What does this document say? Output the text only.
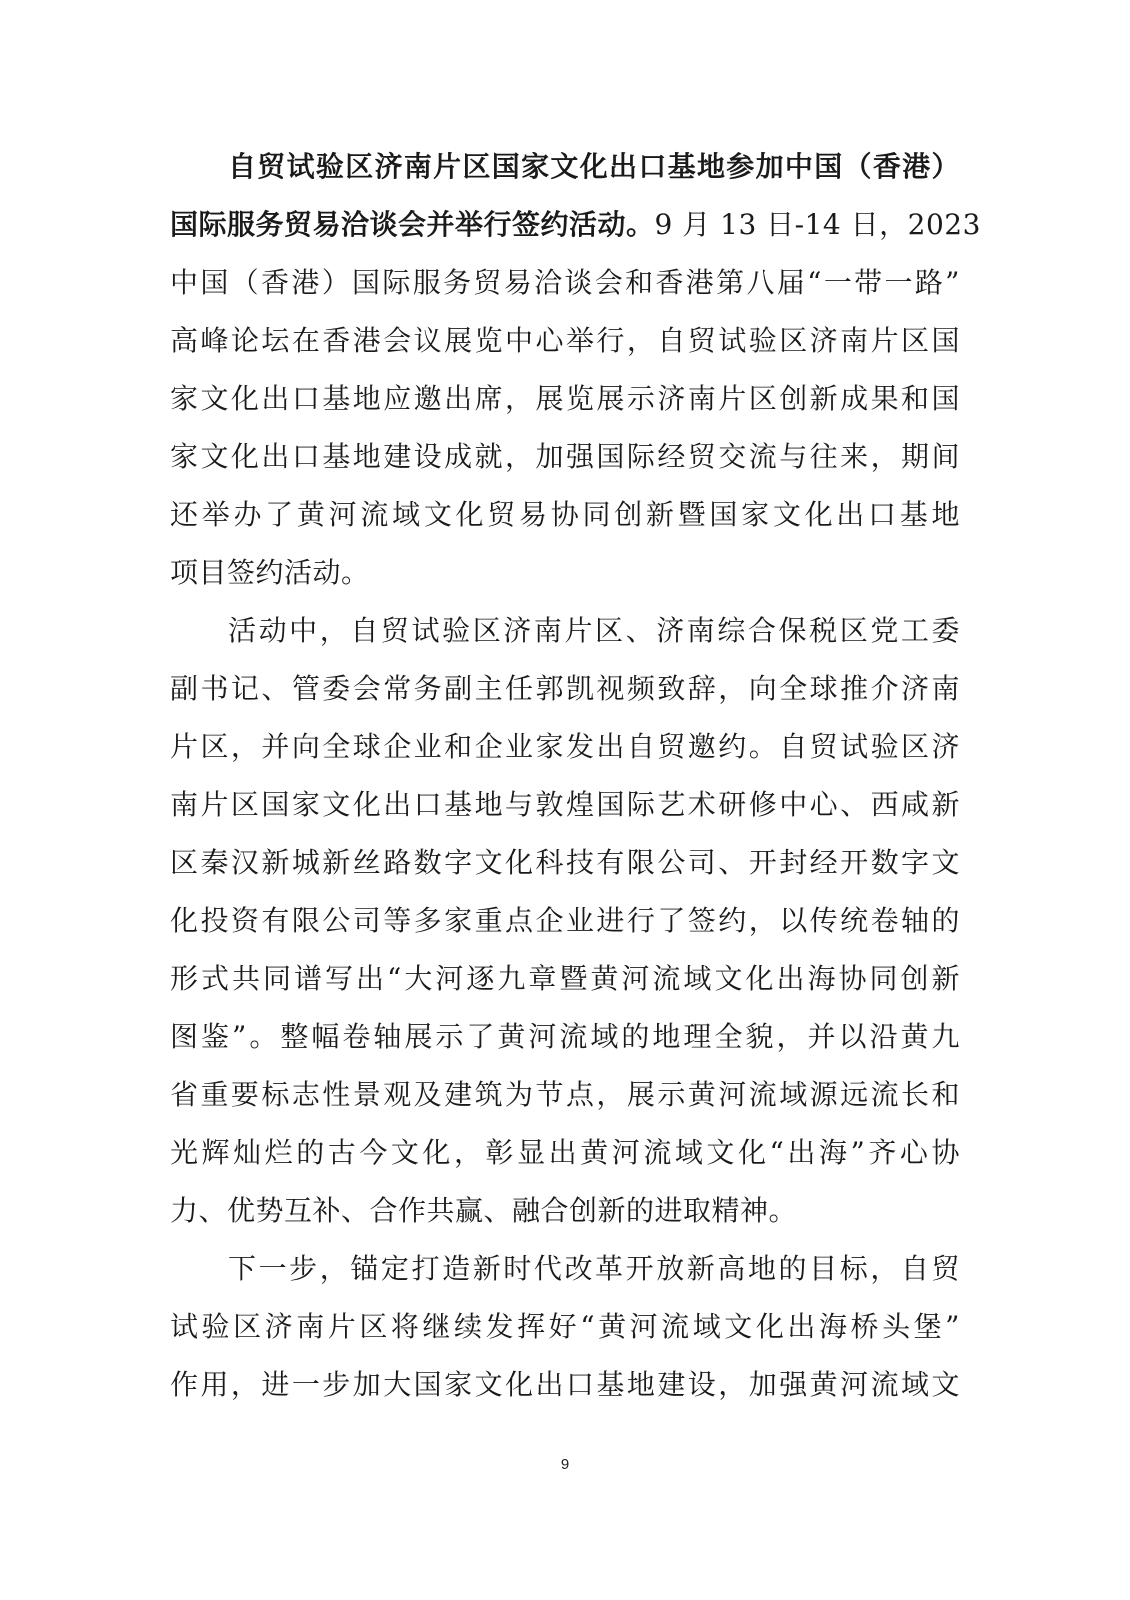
自贸试验区济南片区国家文化出口基地参加中国（香港）
国际服务贸易洽谈会并举行签约活动。9 月 13 日-14 日，2023
中国（香港）国际服务贸易洽谈会和香港第八届“一带一路”
高峰论坛在香港会议展览中心举行，自贸试验区济南片区国
家文化出口基地应邀出席，展览展示济南片区创新成果和国
家文化出口基地建设成就，加强国际经贸交流与往来，期间
还举办了黄河流域文化贸易协同创新暨国家文化出口基地
项目签约活动。
活动中，自贸试验区济南片区、济南综合保税区党工委
副书记、管委会常务副主任郭凯视频致辞，向全球推介济南
片区，并向全球企业和企业家发出自贸邀约。自贸试验区济
南片区国家文化出口基地与敦煌国际艺术研修中心、西咸新
区秦汉新城新丝路数字文化科技有限公司、开封经开数字文
化投资有限公司等多家重点企业进行了签约，以传统卷轴的
形式共同谱写出“大河逐九章暨黄河流域文化出海协同创新
图鉴”。整幅卷轴展示了黄河流域的地理全貌，并以沿黄九
省重要标志性景观及建筑为节点，展示黄河流域源远流长和
光辉灿烂的古今文化，彰显出黄河流域文化“出海”齐心协
力、优势互补、合作共赢、融合创新的进取精神。
下一步，锚定打造新时代改革开放新高地的目标，自贸
试验区济南片区将继续发挥好“黄河流域文化出海桥头堡”
作用，进一步加大国家文化出口基地建设，加强黄河流域文
9
